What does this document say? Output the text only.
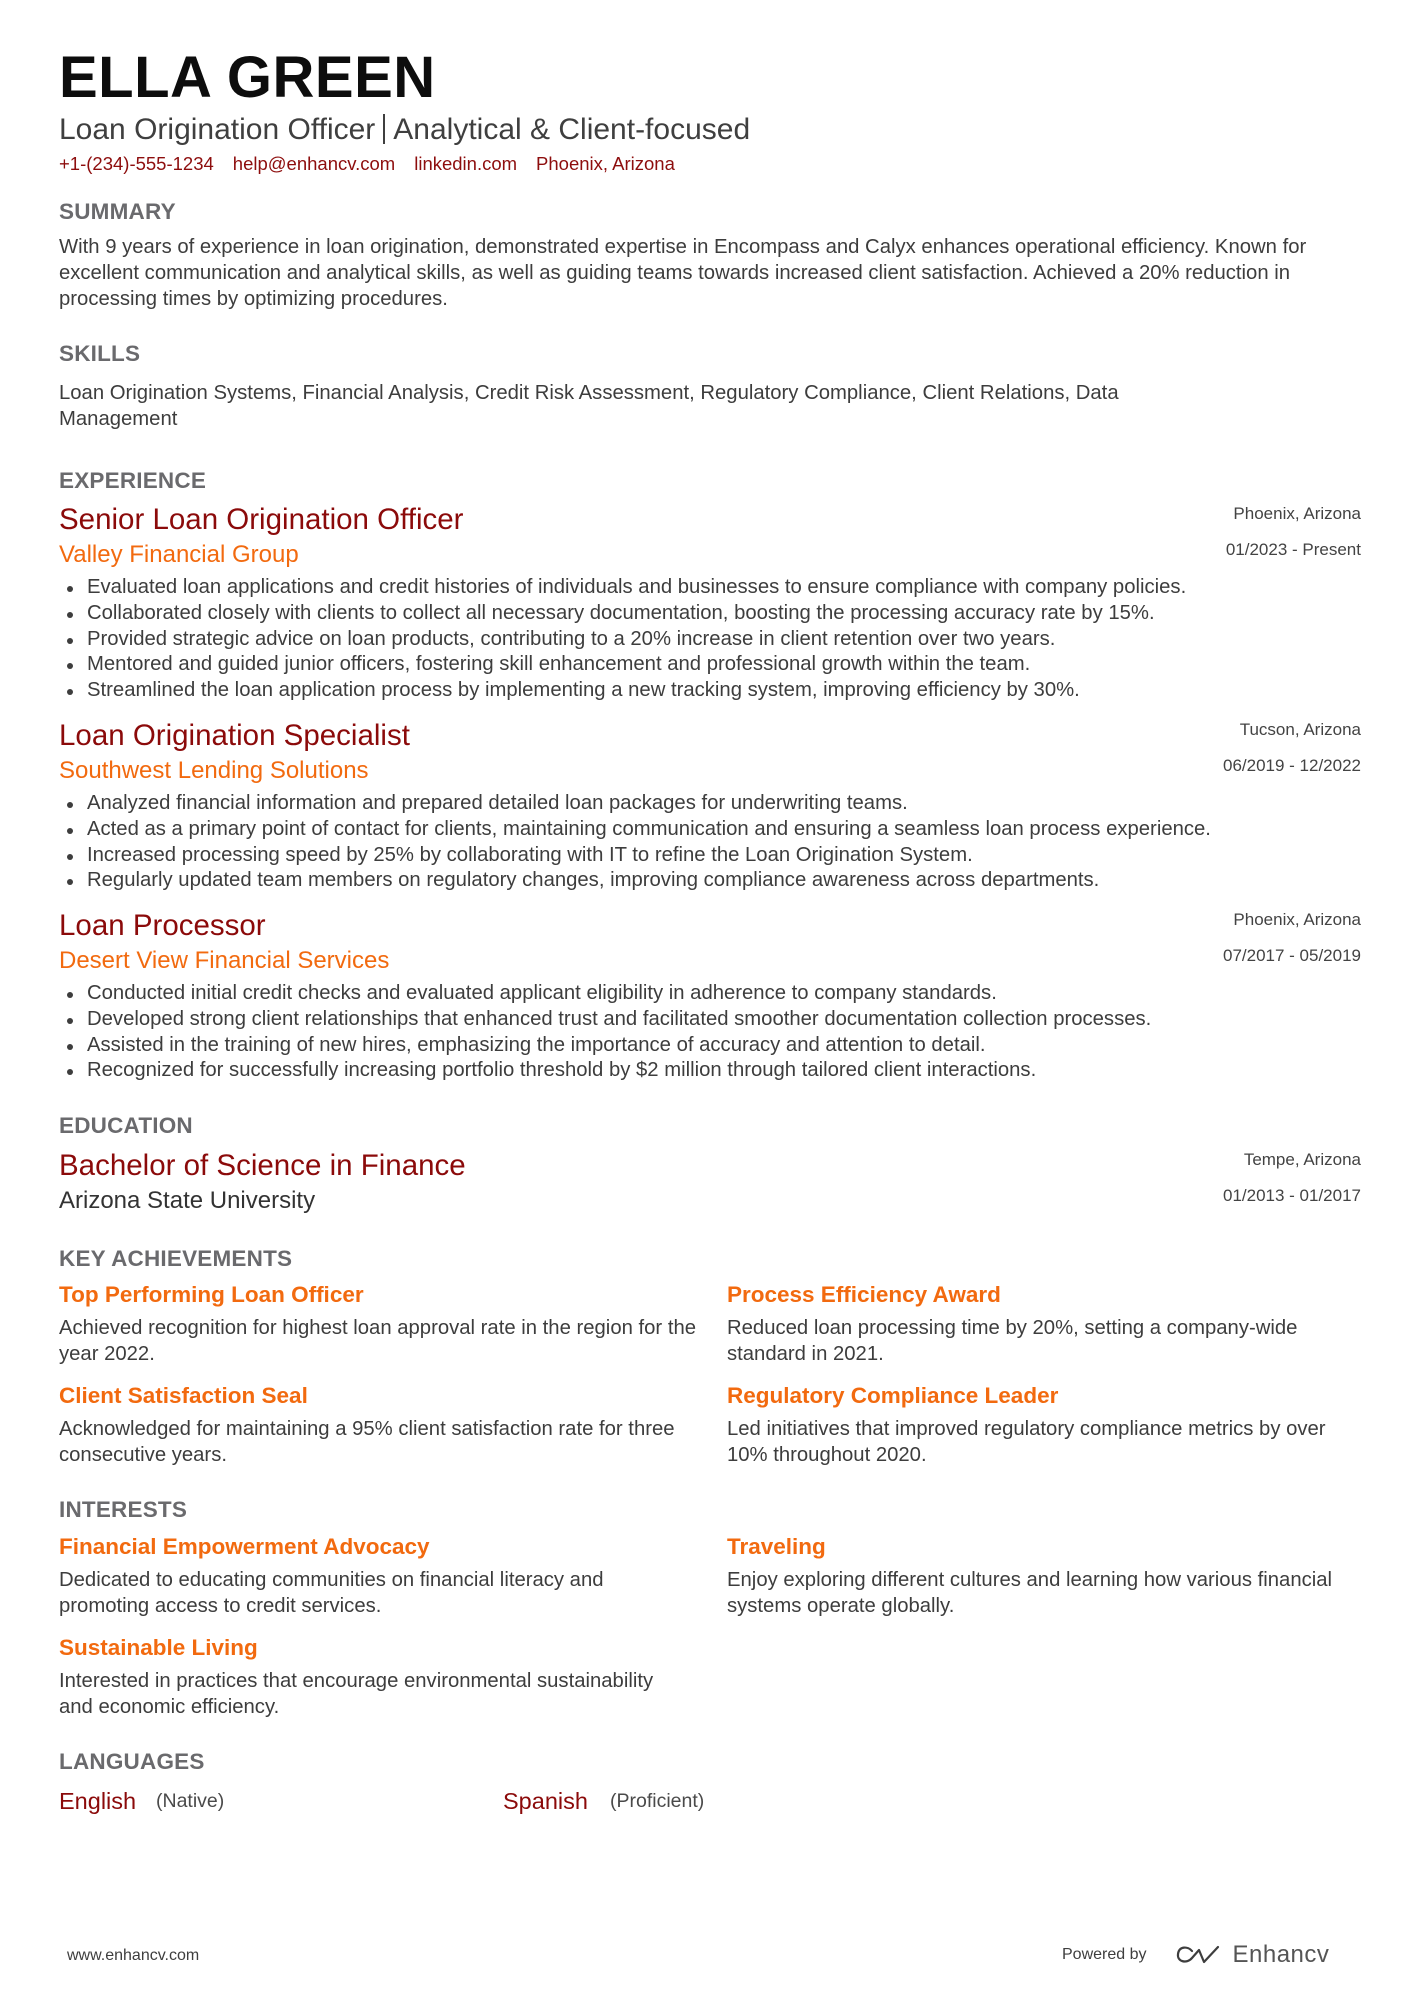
ELLA GREEN
Loan Origination Officer Analytical & Client-focused
+1-(234)-555-1234 help@enhancv.com linkedin.com Phoenix, Arizona
SUMMARY
With 9 years of experience in loan origination, demonstrated expertise in Encompass and Calyx enhances operational efficiency. Known for excellent communication and analytical skills, as well as guiding teams towards increased client satisfaction. Achieved a 20% reduction in processing times by optimizing procedures.
SKILLS
Loan Origination Systems, Financial Analysis, Credit Risk Assessment, Regulatory Compliance, Client Relations, Data Management
EXPERIENCE
Senior Loan Origination Officer	Phoenix, Arizona
Valley Financial Group	01/2023 - Present
Evaluated loan applications and credit histories of individuals and businesses to ensure compliance with company policies.
Collaborated closely with clients to collect all necessary documentation, boosting the processing accuracy rate by 15%.
Provided strategic advice on loan products, contributing to a 20% increase in client retention over two years.
Mentored and guided junior officers, fostering skill enhancement and professional growth within the team.
Streamlined the loan application process by implementing a new tracking system, improving efficiency by 30%.
Loan Origination Specialist	Tucson, Arizona
Southwest Lending Solutions	06/2019 - 12/2022
Analyzed financial information and prepared detailed loan packages for underwriting teams.
Acted as a primary point of contact for clients, maintaining communication and ensuring a seamless loan process experience.
Increased processing speed by 25% by collaborating with IT to refine the Loan Origination System.
Regularly updated team members on regulatory changes, improving compliance awareness across departments.
Loan Processor	Phoenix, Arizona
Desert View Financial Services	07/2017 - 05/2019
Conducted initial credit checks and evaluated applicant eligibility in adherence to company standards.
Developed strong client relationships that enhanced trust and facilitated smoother documentation collection processes.
Assisted in the training of new hires, emphasizing the importance of accuracy and attention to detail.
Recognized for successfully increasing portfolio threshold by $2 million through tailored client interactions.
EDUCATION
Bachelor of Science in Finance	Tempe, Arizona
Arizona State University	01/2013 - 01/2017
KEY ACHIEVEMENTS
Top Performing Loan Officer
Achieved recognition for highest loan approval rate in the region for the year 2022.
Process Efficiency Award
Reduced loan processing time by 20%, setting a company-wide standard in 2021.
Client Satisfaction Seal
Acknowledged for maintaining a 95% client satisfaction rate for three consecutive years.
Regulatory Compliance Leader
Led initiatives that improved regulatory compliance metrics by over 10% throughout 2020.
INTERESTS
Financial Empowerment Advocacy
Dedicated to educating communities on financial literacy and promoting access to credit services.
Traveling
Enjoy exploring different cultures and learning how various financial systems operate globally.
Sustainable Living
Interested in practices that encourage environmental sustainability and economic efficiency.
LANGUAGES
English (Native)	Spanish (Proficient)
www.enhancv.com	Powered by	Enhancv
